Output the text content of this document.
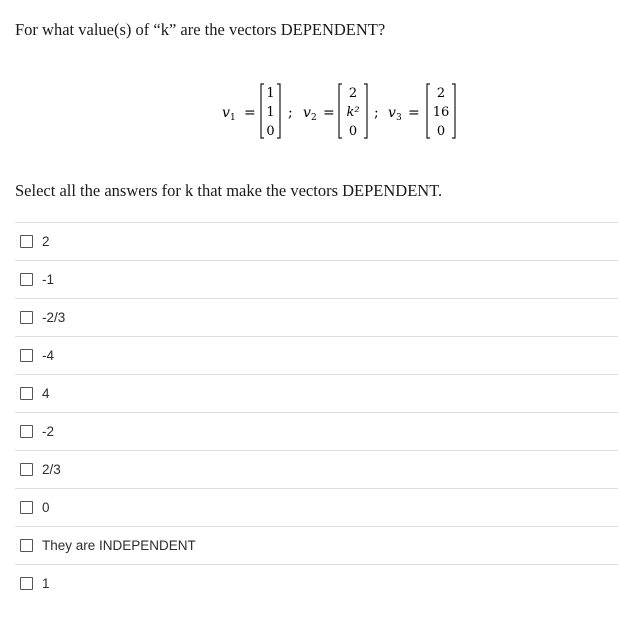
For what value(s) of “k” are the vectors DEPENDENT?
v 1 =
1
1
0
; v 2 =
2
k²
0
; v 3 =
2
16
0
Select all the answers for k that make the vectors DEPENDENT.
2
-1
-2/3
-4
4
-2
2/3
0
They are INDEPENDENT
1
